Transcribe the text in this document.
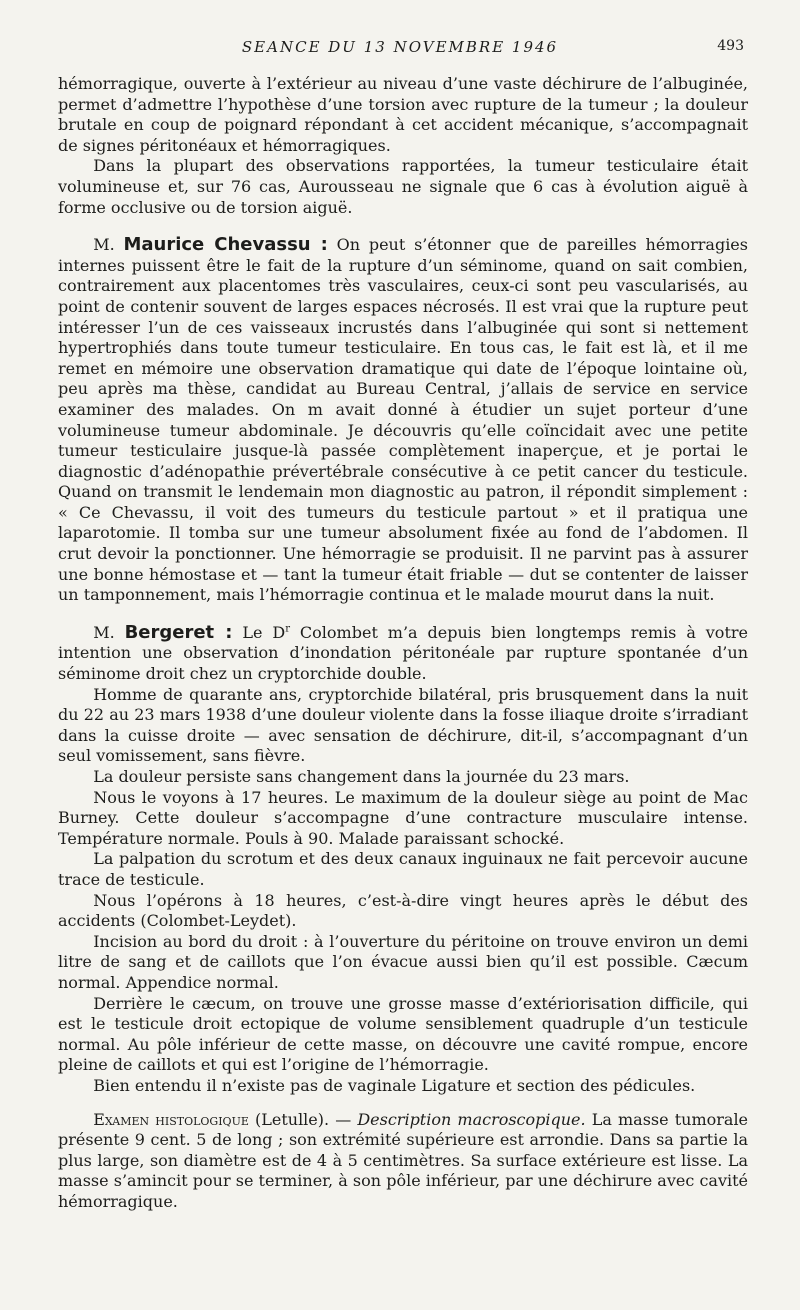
SEANCE DU 13 NOVEMBRE 1946	493

hémorragique, ouverte à l’extérieur au niveau d’une vaste déchirure de l’albuginée, permet d’admettre l’hypothèse d’une torsion avec rupture de la tumeur ; la douleur brutale en coup de poignard répondant à cet accident mécanique, s’accompagnait de signes péritonéaux et hémorragiques.

Dans la plupart des observations rapportées, la tumeur testiculaire était volumineuse et, sur 76 cas, Aurousseau ne signale que 6 cas à évolution aiguë à forme occlusive ou de torsion aiguë.

M. Maurice Chevassu : On peut s’étonner que de pareilles hémorragies internes puissent être le fait de la rupture d’un séminome, quand on sait combien, contrairement aux placentomes très vasculaires, ceux-ci sont peu vascularisés, au point de contenir souvent de larges espaces nécrosés. Il est vrai que la rupture peut intéresser l’un de ces vaisseaux incrustés dans l’albuginée qui sont si nettement hypertrophiés dans toute tumeur testiculaire. En tous cas, le fait est là, et il me remet en mémoire une observation dramatique qui date de l’époque lointaine où, peu après ma thèse, candidat au Bureau Central, j’allais de service en service examiner des malades. On m avait donné à étudier un sujet porteur d’une volumineuse tumeur abdominale. Je découvris qu’elle coïncidait avec une petite tumeur testiculaire jusque-là passée complètement inaperçue, et je portai le diagnostic d’adénopathie prévertébrale consécutive à ce petit cancer du testicule. Quand on transmit le lendemain mon diagnostic au patron, il répondit simplement : « Ce Chevassu, il voit des tumeurs du testicule partout » et il pratiqua une laparotomie. Il tomba sur une tumeur absolument fixée au fond de l’abdomen. Il crut devoir la ponctionner. Une hémorragie se produisit. Il ne parvint pas à assurer une bonne hémostase et — tant la tumeur était friable — dut se contenter de laisser un tamponnement, mais l’hémorragie continua et le malade mourut dans la nuit.

M. Bergeret : Le $D^r$ Colombet m’a depuis bien longtemps remis à votre intention une observation d’inondation péritonéale par rupture spontanée d’un séminome droit chez un cryptorchide double.

Homme de quarante ans, cryptorchide bilatéral, pris brusquement dans la nuit du 22 au 23 mars 1938 d’une douleur violente dans la fosse iliaque droite s’irradiant dans la cuisse droite — avec sensation de déchirure, dit-il, s’accompagnant d’un seul vomissement, sans fièvre.

La douleur persiste sans changement dans la journée du 23 mars.

Nous le voyons à 17 heures. Le maximum de la douleur siège au point de Mac Burney. Cette douleur s’accompagne d’une contracture musculaire intense. Température normale. Pouls à 90. Malade paraissant schocké.

La palpation du scrotum et des deux canaux inguinaux ne fait percevoir aucune trace de testicule.

Nous l’opérons à 18 heures, c’est-à-dire vingt heures après le début des accidents (Colombet-Leydet).

Incision au bord du droit : à l’ouverture du péritoine on trouve environ un demi litre de sang et de caillots que l’on évacue aussi bien qu’il est possible. Cæcum normal. Appendice normal.

Derrière le cæcum, on trouve une grosse masse d’extériorisation difficile, qui est le testicule droit ectopique de volume sensiblement quadruple d’un testicule normal. Au pôle inférieur de cette masse, on découvre une cavité rompue, encore pleine de caillots et qui est l’origine de l’hémorragie.

Bien entendu il n’existe pas de vaginale Ligature et section des pédicules.

Examen histologique (Letulle). — Description macroscopique. La masse tumorale présente 9 cent. 5 de long ; son extrémité supérieure est arrondie. Dans sa partie la plus large, son diamètre est de 4 à 5 centimètres. Sa surface extérieure est lisse. La masse s’amincit pour se terminer, à son pôle inférieur, par une déchirure avec cavité hémorragique.
